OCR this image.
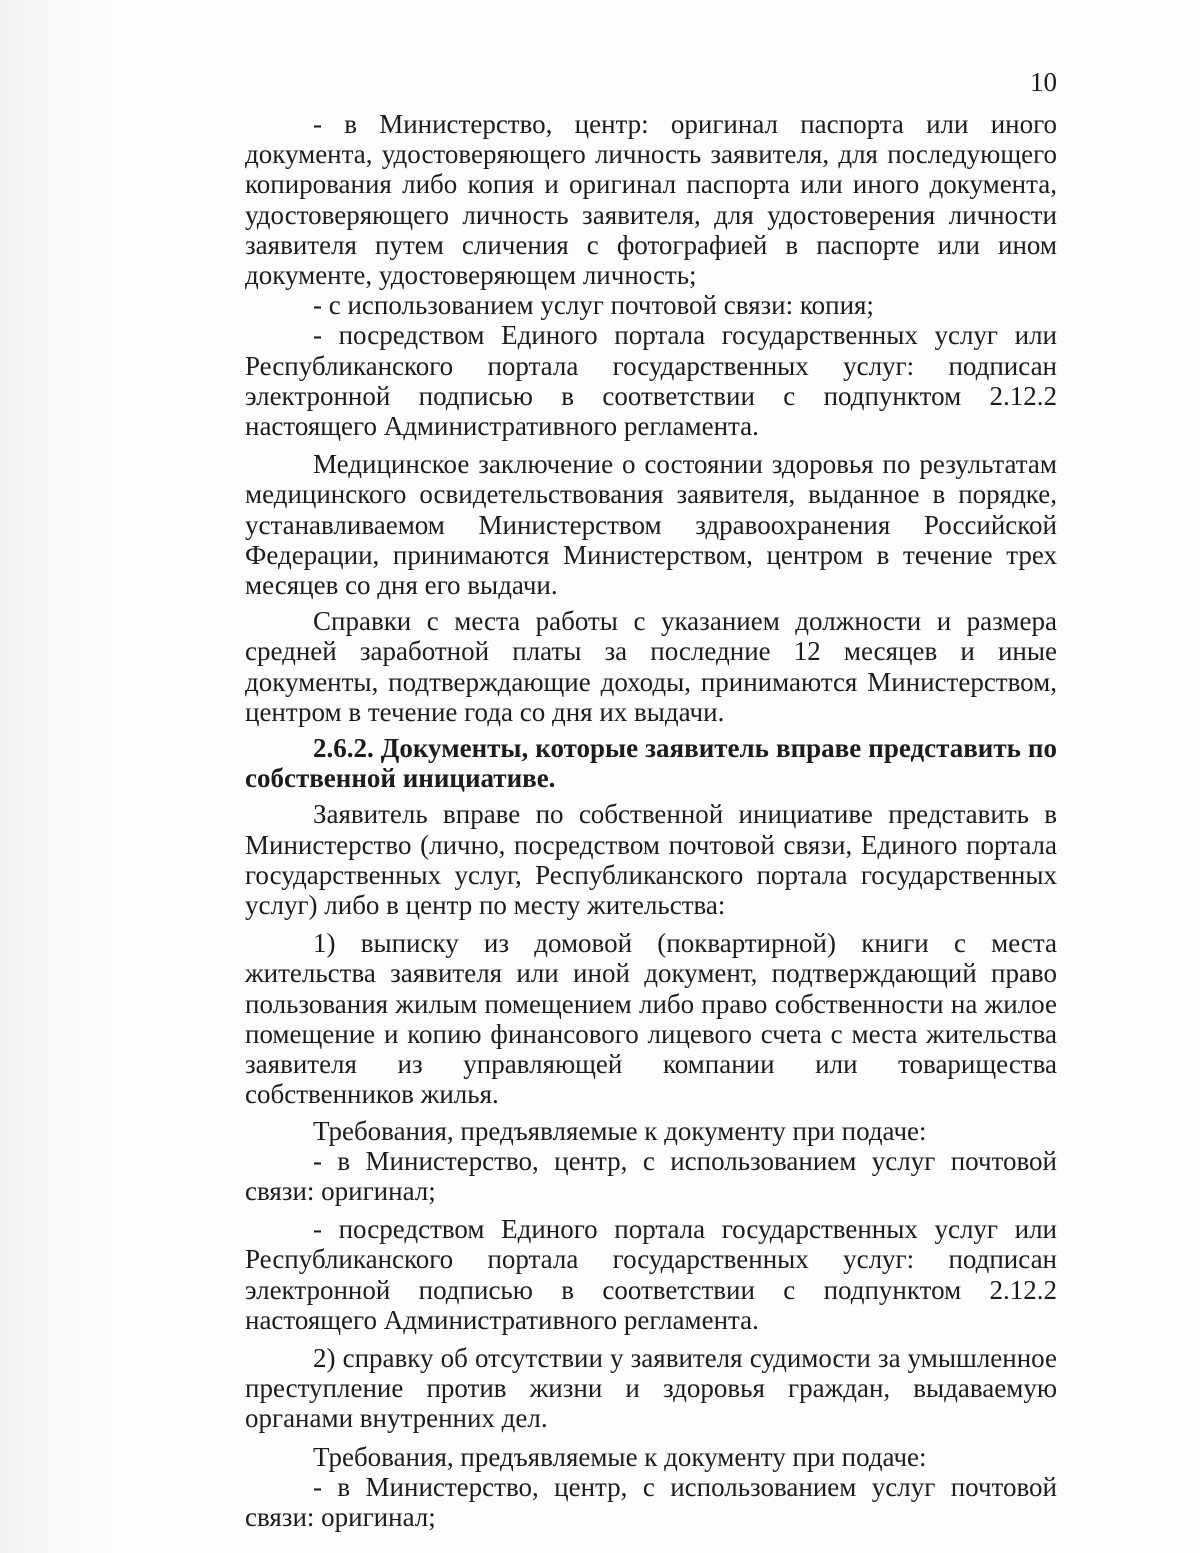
10

- в Министерство, центр: оригинал паспорта или иного документа, удостоверяющего личность заявителя, для последующего копирования либо копия и оригинал паспорта или иного документа, удостоверяющего личность заявителя, для удостоверения личности заявителя путем сличения с фотографией в паспорте или ином документе, удостоверяющем личность;

- с использованием услуг почтовой связи: копия;

- посредством Единого портала государственных услуг или Республиканского портала государственных услуг: подписан электронной подписью в соответствии с подпунктом 2.12.2 настоящего Административного регламента.

Медицинское заключение о состоянии здоровья по результатам медицинского освидетельствования заявителя, выданное в порядке, устанавливаемом Министерством здравоохранения Российской Федерации, принимаются Министерством, центром в течение трех месяцев со дня его выдачи.

Справки с места работы с указанием должности и размера средней заработной платы за последние 12 месяцев и иные документы, подтверждающие доходы, принимаются Министерством, центром в течение года со дня их выдачи.

2.6.2. Документы, которые заявитель вправе представить по собственной инициативе.

Заявитель вправе по собственной инициативе представить в Министерство (лично, посредством почтовой связи, Единого портала государственных услуг, Республиканского портала государственных услуг) либо в центр по месту жительства:

1) выписку из домовой (поквартирной) книги с места жительства заявителя или иной документ, подтверждающий право пользования жилым помещением либо право собственности на жилое помещение и копию финансового лицевого счета с места жительства заявителя из управляющей компании или товарищества собственников жилья.

Требования, предъявляемые к документу при подаче:

- в Министерство, центр, с использованием услуг почтовой связи: оригинал;

- посредством Единого портала государственных услуг или Республиканского портала государственных услуг: подписан электронной подписью в соответствии с подпунктом 2.12.2 настоящего Административного регламента.

2) справку об отсутствии у заявителя судимости за умышленное преступление против жизни и здоровья граждан, выдаваемую органами внутренних дел.

Требования, предъявляемые к документу при подаче:

- в Министерство, центр, с использованием услуг почтовой связи: оригинал;
